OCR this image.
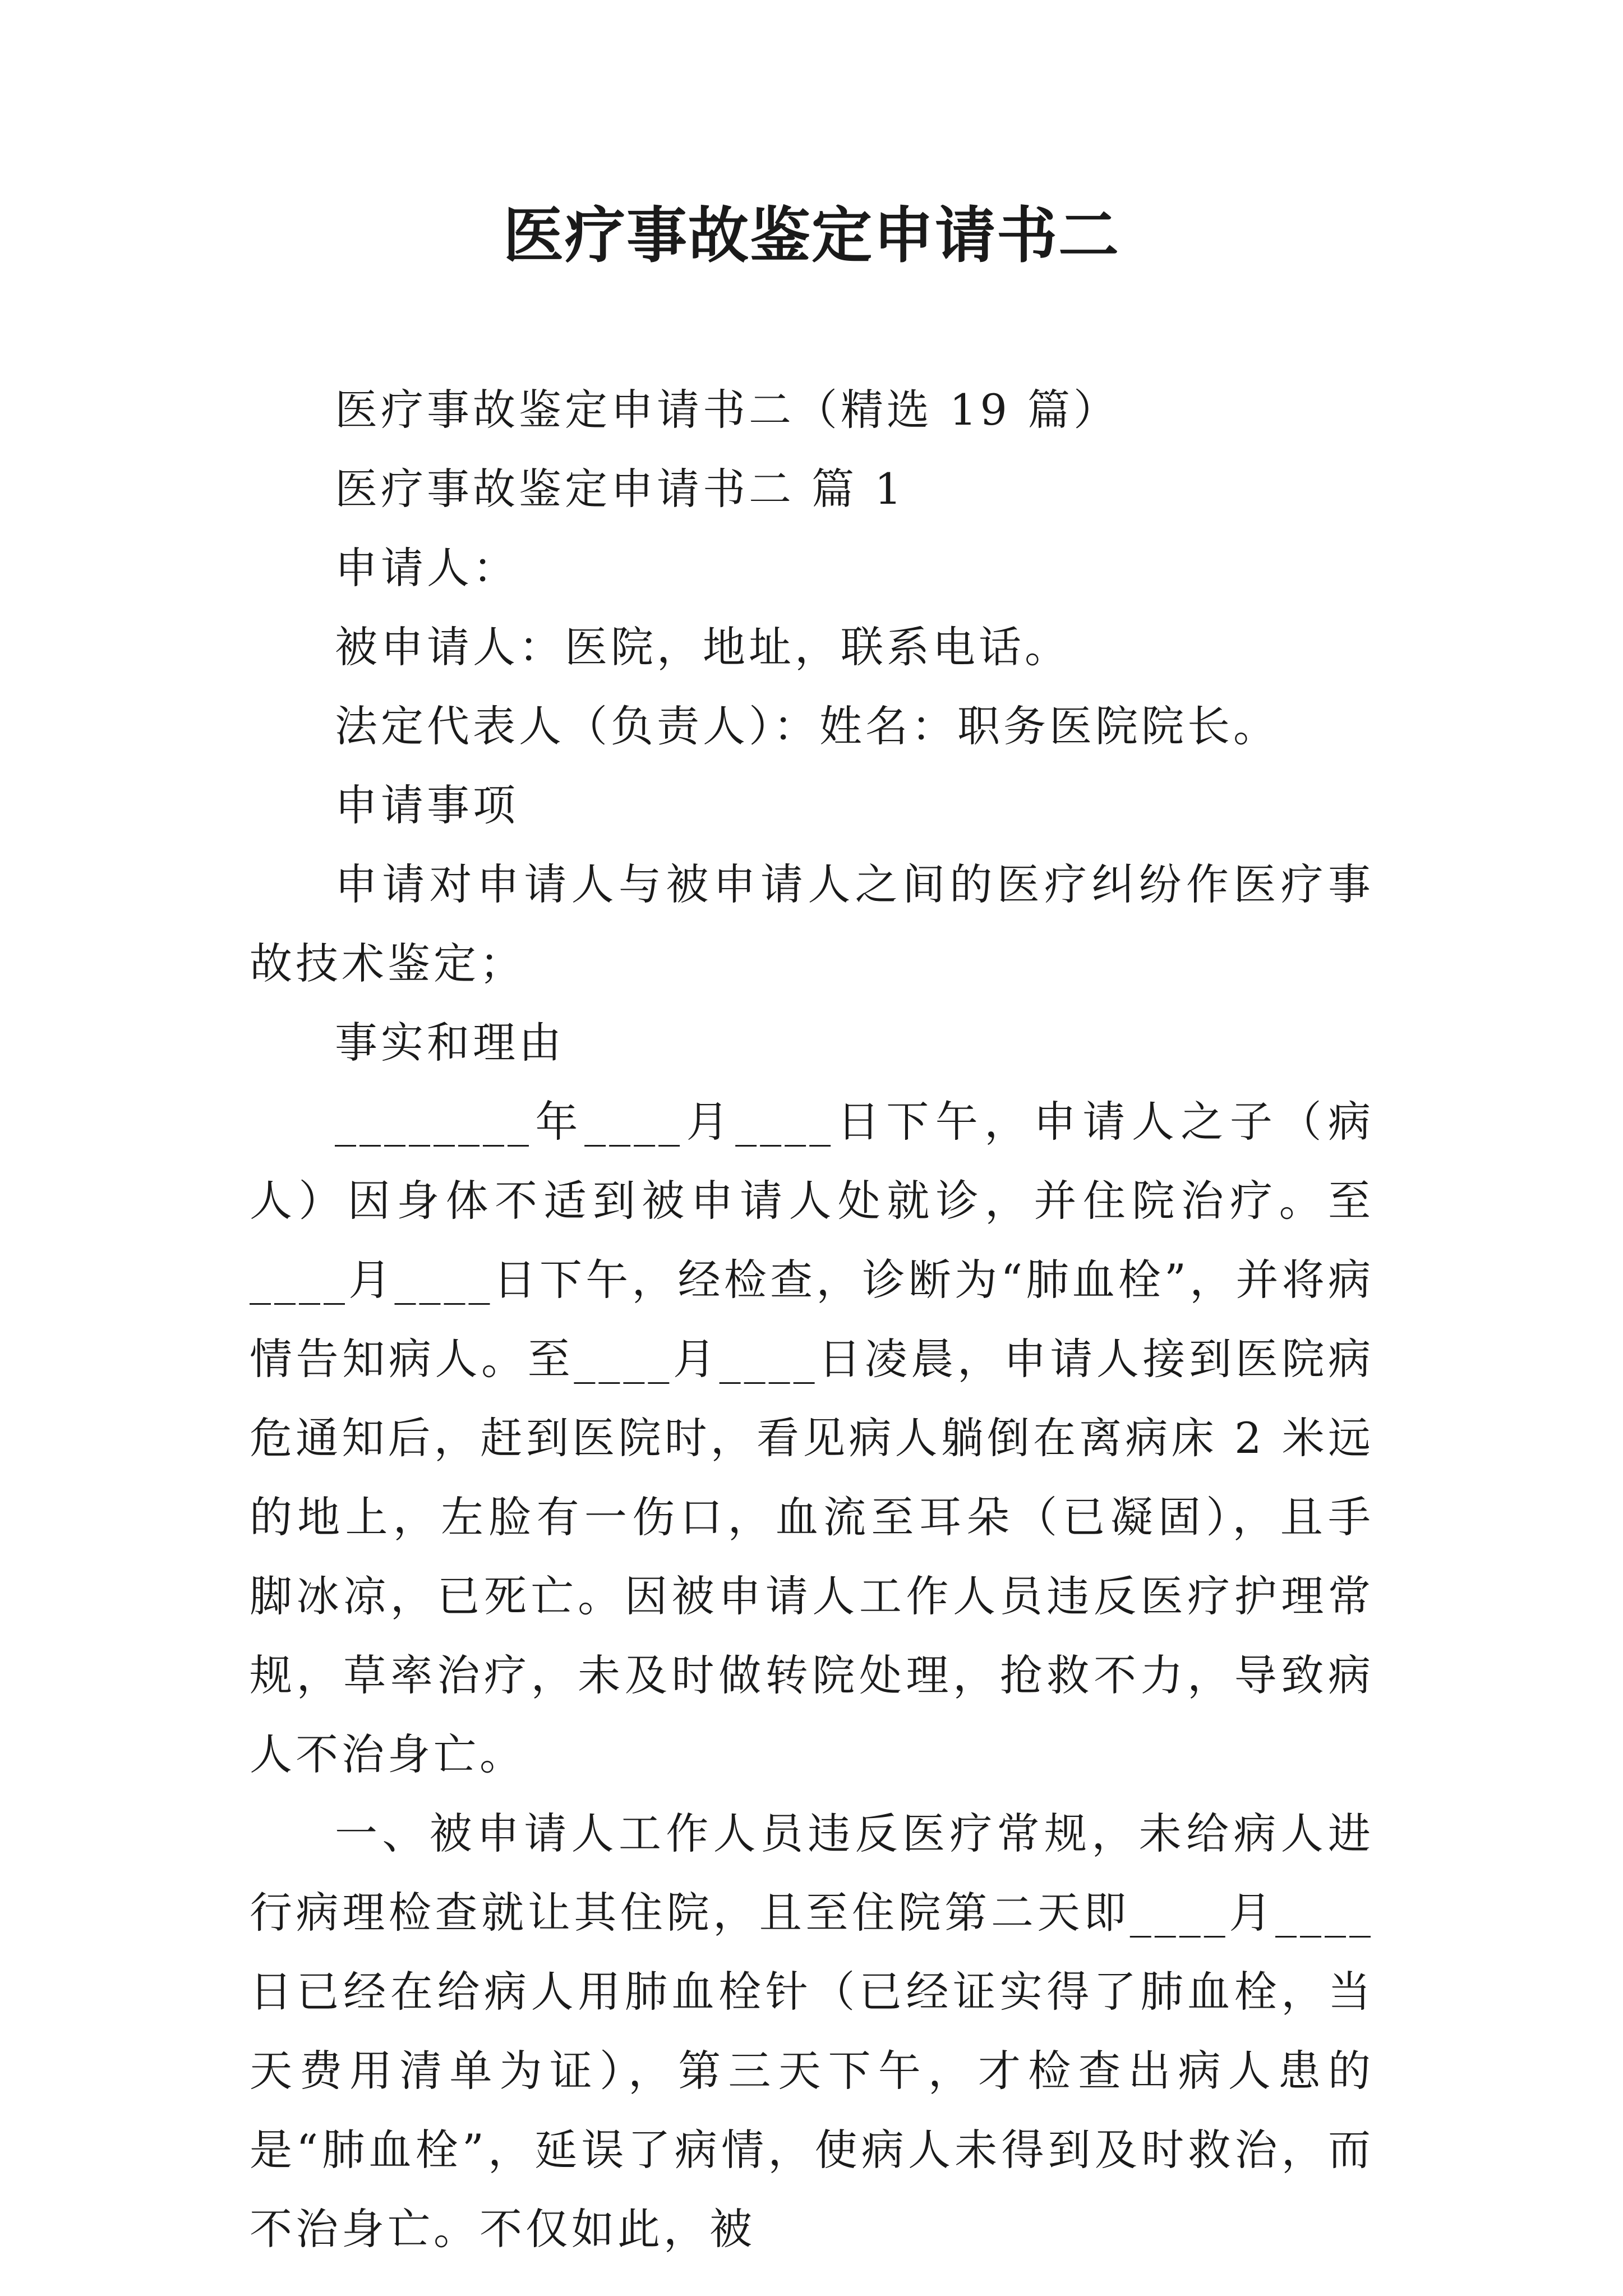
医疗事故鉴定申请书二

医疗事故鉴定申请书二（精选 19 篇）

医疗事故鉴定申请书二 篇 1

申请人：

被申请人：医院，地址，联系电话。

法定代表人（负责人）：姓名：职务医院院长。

申请事项

申请对申请人与被申请人之间的医疗纠纷作医疗事故技术鉴定；

事实和理由

________年____月____日下午，申请人之子（病人）因身体不适到被申请人处就诊，并住院治疗。至____月____日下午，经检查，诊断为“肺血栓”，并将病情告知病人。至____月____日凌晨，申请人接到医院病危通知后，赶到医院时，看见病人躺倒在离病床 2 米远的地上，左脸有一伤口，血流至耳朵（已凝固），且手脚冰凉，已死亡。因被申请人工作人员违反医疗护理常规，草率治疗，未及时做转院处理，抢救不力，导致病人不治身亡。

一、被申请人工作人员违反医疗常规，未给病人进行病理检查就让其住院，且至住院第二天即____月____日已经在给病人用肺血栓针（已经证实得了肺血栓，当天费用清单为证），第三天下午，才检查出病人患的是“肺血栓”，延误了病情，使病人未得到及时救治，而不治身亡。不仅如此，被
